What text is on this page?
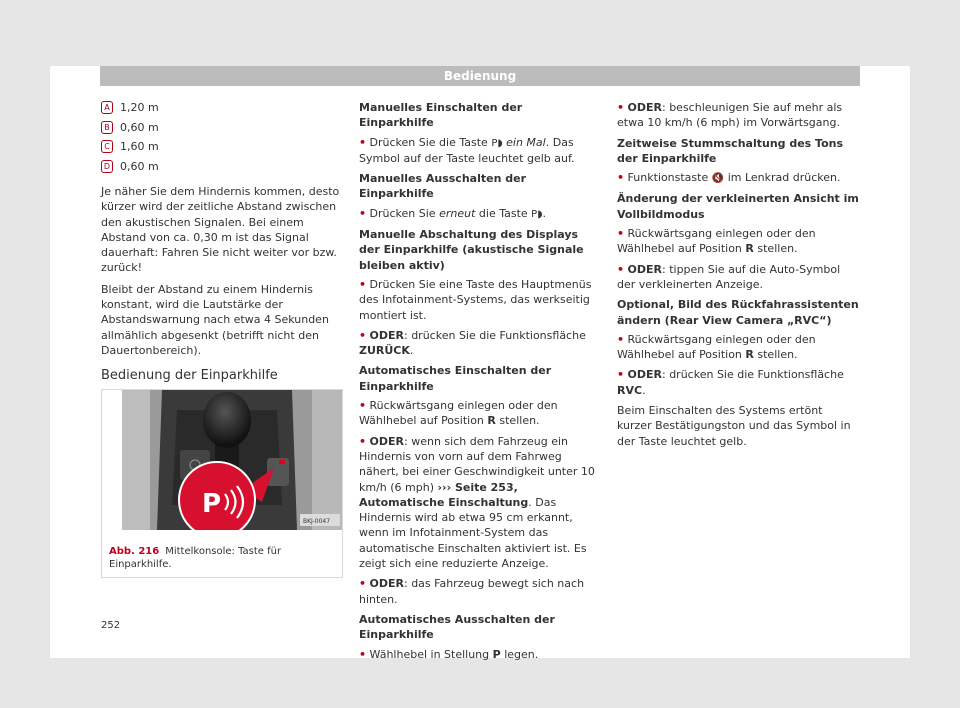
Bedienung
A 1,20 m
B 0,60 m
C 1,60 m
D 0,60 m

Je näher Sie dem Hindernis kommen, desto kürzer wird der zeitliche Abstand zwischen den akustischen Signalen. Bei einem Abstand von ca. 0,30 m ist das Signal dauerhaft: Fahren Sie nicht weiter vor bzw. zurück!

Bleibt der Abstand zu einem Hindernis konstant, wird die Lautstärke der Abstandswarnung nach etwa 4 Sekunden allmählich abgesenkt (betrifft nicht den Dauertonbereich).

Bedienung der Einparkhilfe
P
BKJ-0047
Abb. 216 Mittelkonsole: Taste für Einparkhilfe.
Manuelles Einschalten der Einparkhilfe
• Drücken Sie die Taste P◗ ein Mal. Das Symbol auf der Taste leuchtet gelb auf.
Manuelles Ausschalten der Einparkhilfe
• Drücken Sie erneut die Taste P◗.
Manuelle Abschaltung des Displays der Einparkhilfe (akustische Signale bleiben aktiv)
• Drücken Sie eine Taste des Hauptmenüs des Infotainment-Systems, das werkseitig montiert ist.
• ODER: drücken Sie die Funktionsfläche ZURÜCK.
Automatisches Einschalten der Einparkhilfe
• Rückwärtsgang einlegen oder den Wählhebel auf Position R stellen.
• ODER: wenn sich dem Fahrzeug ein Hindernis von vorn auf dem Fahrweg nähert, bei einer Geschwindigkeit unter 10 km/h (6 mph) ››› Seite 253, Automatische Einschaltung. Das Hindernis wird ab etwa 95 cm erkannt, wenn im Infotainment-System das automatische Einschalten aktiviert ist. Es zeigt sich eine reduzierte Anzeige.
• ODER: das Fahrzeug bewegt sich nach hinten.
Automatisches Ausschalten der Einparkhilfe
• Wählhebel in Stellung P legen.
• ODER: beschleunigen Sie auf mehr als etwa 10 km/h (6 mph) im Vorwärtsgang.
Zeitweise Stummschaltung des Tons der Einparkhilfe
• Funktionstaste 🔇 im Lenkrad drücken.
Änderung der verkleinerten Ansicht im Vollbildmodus
• Rückwärtsgang einlegen oder den Wählhebel auf Position R stellen.
• ODER: tippen Sie auf die Auto-Symbol der verkleinerten Anzeige.
Optional, Bild des Rückfahrassistenten ändern (Rear View Camera „RVC“)
• Rückwärtsgang einlegen oder den Wählhebel auf Position R stellen.
• ODER: drücken Sie die Funktionsfläche RVC.

Beim Einschalten des Systems ertönt kurzer Bestätigungston und das Symbol in der Taste leuchtet gelb.

252
